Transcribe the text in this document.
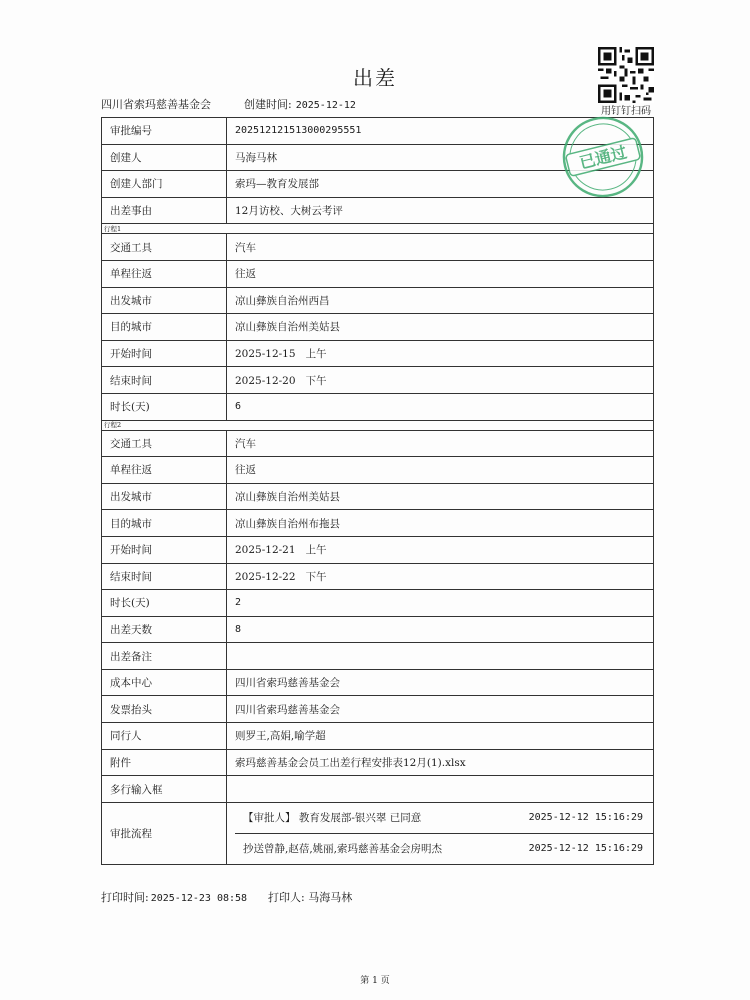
出差
四川省索玛慈善基金会	创建时间: 2025-12-12
用钉钉扫码
审批编号	202512121513000295551
创建人	马海马林
创建人部门	索玛—教育发展部
出差事由	12月访校、大树云考评

行程1	

交通工具	汽车
单程往返	往返
出发城市	凉山彝族自治州西昌
目的城市	凉山彝族自治州美姑县
开始时间	2025-12-15 上午
结束时间	2025-12-20 下午
时长(天)	6

行程2	

交通工具	汽车
单程往返	往返
出发城市	凉山彝族自治州美姑县
目的城市	凉山彝族自治州布拖县
开始时间	2025-12-21 上午
结束时间	2025-12-22 下午
时长(天)	2
出差天数	8
出差备注	
成本中心	四川省索玛慈善基金会
发票抬头	四川省索玛慈善基金会
同行人	则罗王,高娟,喻学超
附件	索玛慈善基金会员工出差行程安排表12月(1).xlsx
多行输入框	
审批流程	【审批人】 教育发展部-银兴翠 已同意 2025-12-12 15:16:29
抄送曾静,赵蓓,姚丽,索玛慈善基金会房明杰 2025-12-12 15:16:29
已通过
打印时间: 2025-12-23 08:58 打印人: 马海马林
第 1 页
